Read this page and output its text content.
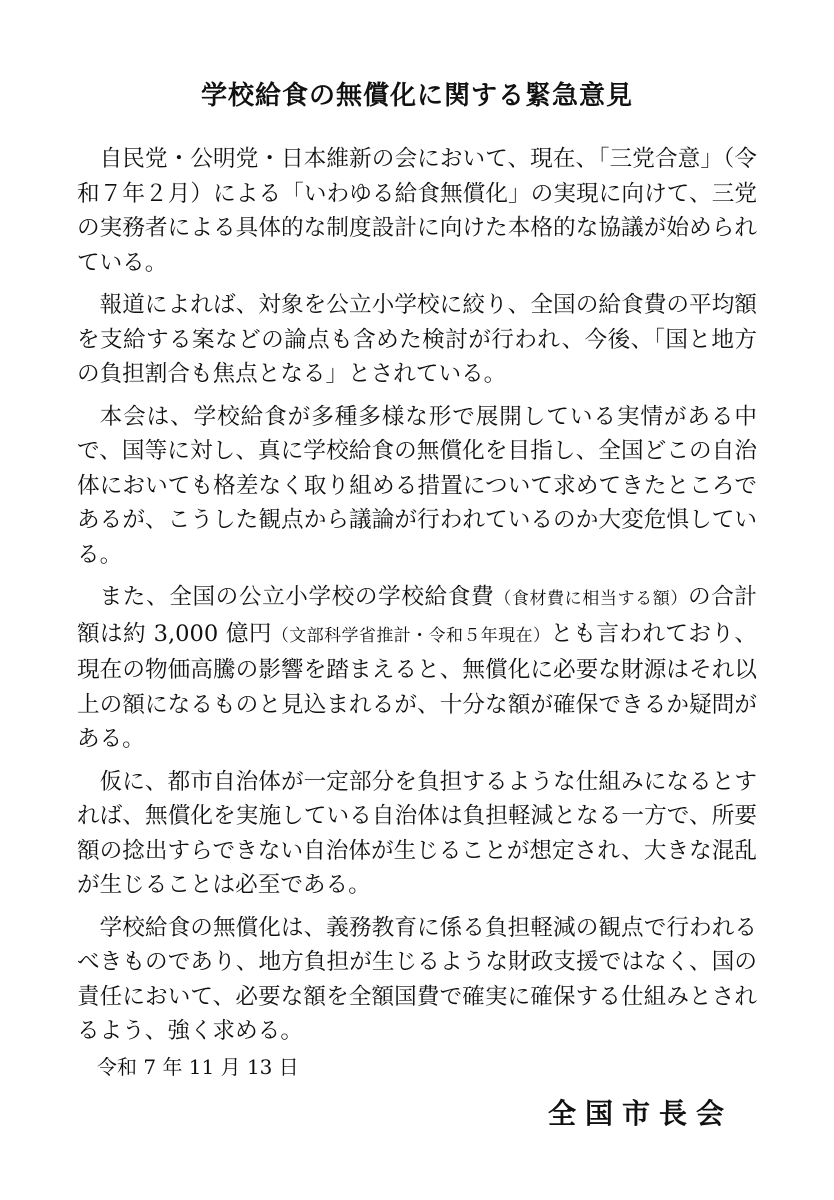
学校給食の無償化に関する緊急意見

自民党・公明党・日本維新の会において、現在、「三党合意」（令和７年２月）による「いわゆる給食無償化」の実現に向けて、三党の実務者による具体的な制度設計に向けた本格的な協議が始められている。

報道によれば、対象を公立小学校に絞り、全国の給食費の平均額を支給する案などの論点も含めた検討が行われ、今後、「国と地方の負担割合も焦点となる」とされている。

本会は、学校給食が多種多様な形で展開している実情がある中で、国等に対し、真に学校給食の無償化を目指し、全国どこの自治体においても格差なく取り組める措置について求めてきたところであるが、こうした観点から議論が行われているのか大変危惧している。

また、全国の公立小学校の学校給食費（食材費に相当する額）の合計額は約 3,000 億円（文部科学省推計・令和５年現在）とも言われており、現在の物価高騰の影響を踏まえると、無償化に必要な財源はそれ以上の額になるものと見込まれるが、十分な額が確保できるか疑問がある。

仮に、都市自治体が一定部分を負担するような仕組みになるとすれば、無償化を実施している自治体は負担軽減となる一方で、所要額の捻出すらできない自治体が生じることが想定され、大きな混乱が生じることは必至である。

学校給食の無償化は、義務教育に係る負担軽減の観点で行われるべきものであり、地方負担が生じるような財政支援ではなく、国の責任において、必要な額を全額国費で確実に確保する仕組みとされるよう、強く求める。

令和 7 年 11 月 13 日
全国市長会
